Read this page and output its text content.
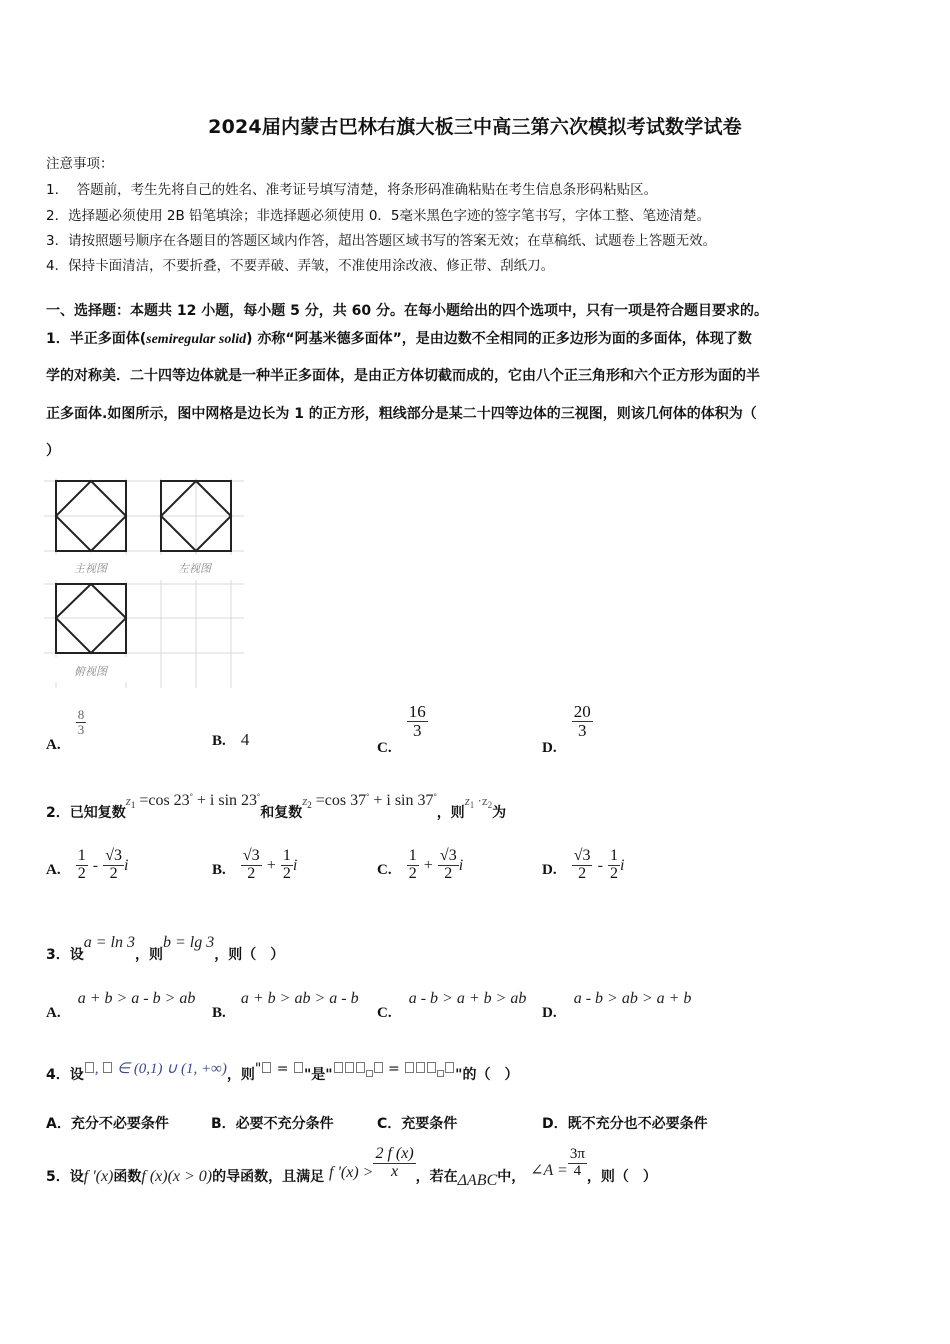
2024届内蒙古巴林右旗大板三中高三第六次模拟考试数学试卷
注意事项：
1.　 答题前，考生先将自己的姓名、准考证号填写清楚，将条形码准确粘贴在考生信息条形码粘贴区。
2．选择题必须使用 2B 铅笔填涂；非选择题必须使用 0．5毫米黑色字迹的签字笔书写，字体工整、笔迹清楚。
3．请按照题号顺序在各题目的答题区域内作答，超出答题区域书写的答案无效；在草稿纸、试题卷上答题无效。
4．保持卡面清洁，不要折叠，不要弄破、弄皱，不准使用涂改液、修正带、刮纸刀。
一、选择题：本题共 12 小题，每小题 5 分，共 60 分。在每小题给出的四个选项中，只有一项是符合题目要求的。
1．半正多面体(semiregular solid) 亦称“阿基米德多面体”，是由边数不全相同的正多边形为面的多面体，体现了数
学的对称美．二十四等边体就是一种半正多面体，是由正方体切截而成的，它由八个正三角形和六个正方形为面的半
正多面体.如图所示，图中网格是边长为 1 的正方形，粗线部分是某二十四等边体的三视图，则该几何体的体积为（
）
主视图	左视图
俯视图
A.
$\frac{8}{3}$
B. 4	C.
$\frac{16}{3}$
D.
$\frac{20}{3}$
2．已知复数$z_1 =\cos$ 23° + i sin 23°和复数$z_2 =\cos$ 37° + i sin 37°，则$z_1 \cdot z_2$为
A. $\frac{1}{2} - \frac{√3}{2}$ i	B. $\frac{√3}{2} + \frac{1}{2}$ i	C. $\frac{1}{2} + \frac{√3}{2}$ i	D. $\frac{√3}{2} - \frac{1}{2}$ i
3．设a = ln 3，则b = lg 3，则（　）
A. a + b > a - b > ab
B. a + b > ab > a - b
C. a - b > a + b > ab
D. a - b > ab > a + b
4．设 ,  ∈ (0,1) ∪ (1, +∞)，则" = "是"	=	"的（　）
A．充分不必要条件	B．必要不充分条件	C．充要条件	D．既不充分也不必要条件
5．设f '(x)函数f (x)(x > 0)的导函数，且满足 f '$(x) > \frac{2 f (x)}{x}$ ，若在ΔABC中， ∠A = $\frac{3\pi}{4}$ ，则（　）
